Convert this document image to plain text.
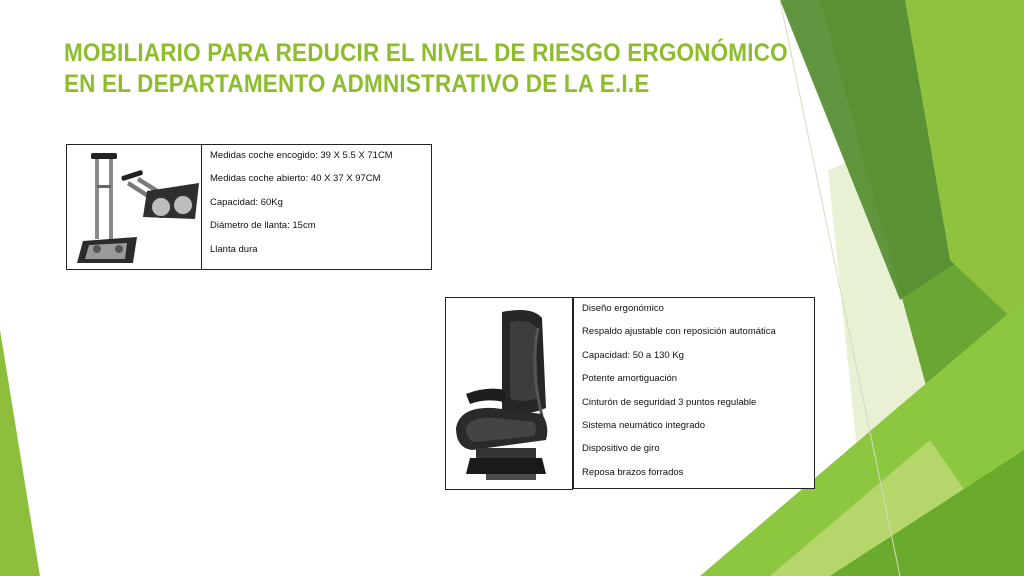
MOBILIARIO PARA REDUCIR EL NIVEL DE RIESGO ERGONÓMICO
EN EL DEPARTAMENTO ADMNISTRATIVO DE LA E.I.E
Medidas coche encogido: 39 X 5.5 X 71CM
Medidas coche abierto: 40 X 37 X 97CM
Capacidad: 60Kg
Diámetro de llanta: 15cm
Llanta dura
Diseño ergonómico
Respaldo ajustable con reposición automática
Capacidad: 50 a 130 Kg
Potente amortiguación
Cinturón de seguridad 3 puntos regulable
Sistema neumático integrado
Dispositivo de giro
Reposa brazos forrados
